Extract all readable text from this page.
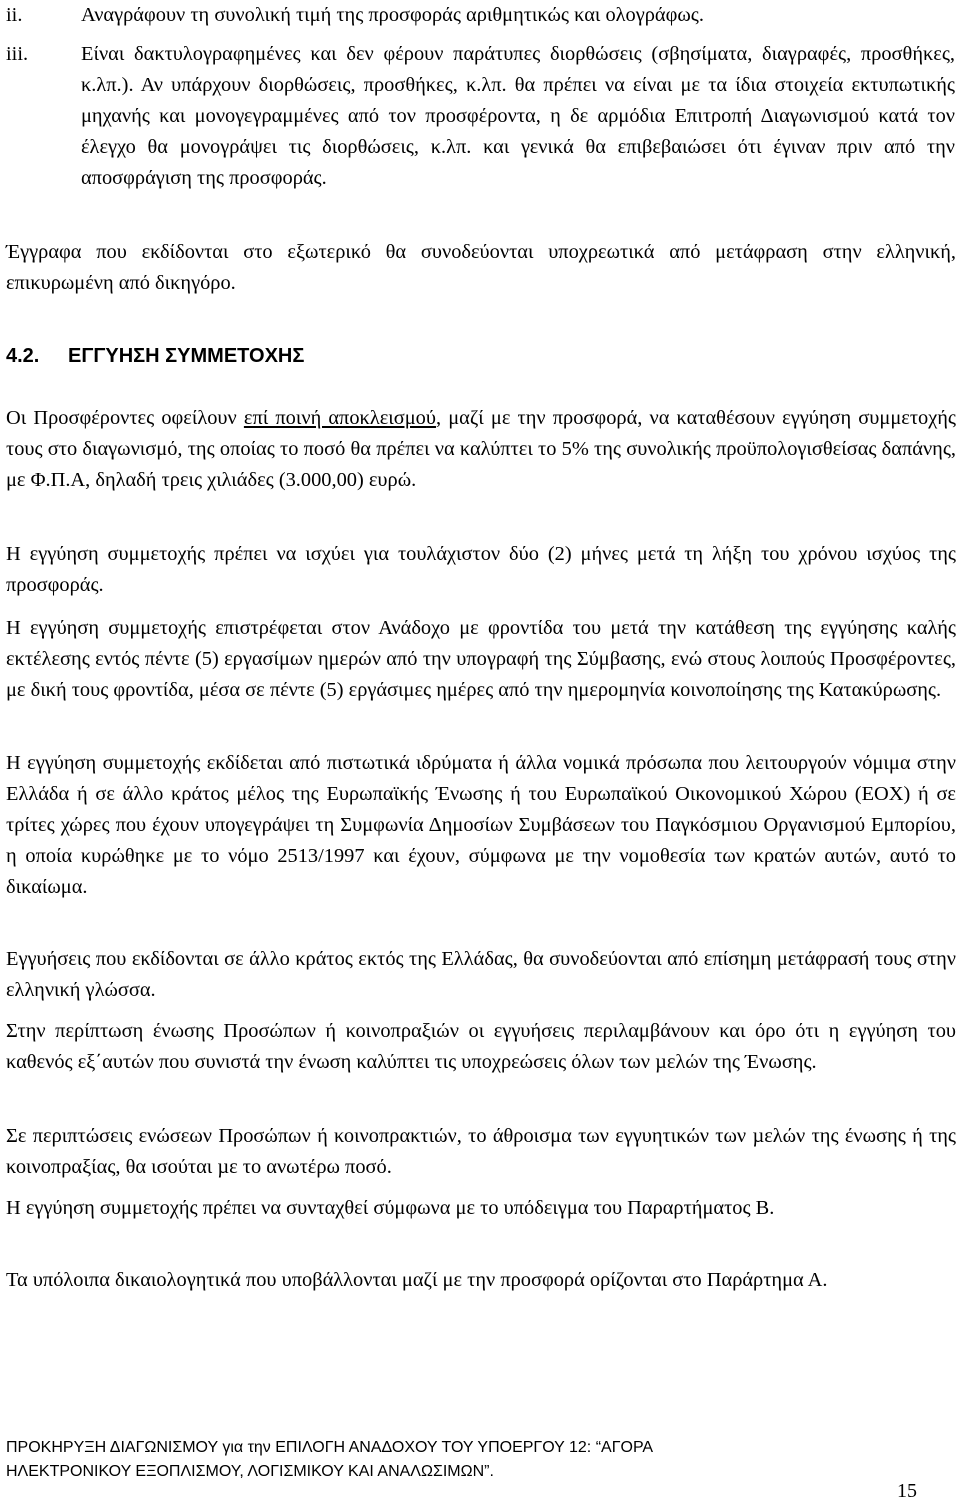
ii.	Αναγράφουν τη συνολική τιμή της προσφοράς αριθμητικώς και ολογράφως.
iii.	Είναι δακτυλογραφημένες και δεν φέρουν παράτυπες διορθώσεις (σβησίματα, διαγραφές, προσθήκες, κ.λπ.). Αν υπάρχουν διορθώσεις, προσθήκες, κ.λπ. θα πρέπει να είναι με τα ίδια στοιχεία εκτυπωτικής μηχανής και μονογεγραμμένες από τον προσφέροντα, η δε αρμόδια Επιτροπή Διαγωνισμού κατά τον έλεγχο θα μονογράψει τις διορθώσεις, κ.λπ. και γενικά θα επιβεβαιώσει ότι έγιναν πριν από την αποσφράγιση της προσφοράς.

Έγγραφα που εκδίδονται στο εξωτερικό θα συνοδεύονται υποχρεωτικά από μετάφραση στην ελληνική, επικυρωμένη από δικηγόρο.

4.2. ΕΓΓΥΗΣΗ ΣΥΜΜΕΤΟΧΗΣ

Οι Προσφέροντες οφείλουν επί ποινή αποκλεισμού, μαζί με την προσφορά, να καταθέσουν εγγύηση συμμετοχής τους στο διαγωνισμό, της οποίας το ποσό θα πρέπει να καλύπτει το 5% της συνολικής προϋπολογισθείσας δαπάνης, με Φ.Π.Α, δηλαδή τρεις χιλιάδες (3.000,00) ευρώ.

Η εγγύηση συμμετοχής πρέπει να ισχύει για τουλάχιστον δύο (2) μήνες μετά τη λήξη του χρόνου ισχύος της προσφοράς.

Η εγγύηση συμμετοχής επιστρέφεται στον Ανάδοχο με φροντίδα του μετά την κατάθεση της εγγύησης καλής εκτέλεσης εντός πέντε (5) εργασίμων ημερών από την υπογραφή της Σύμβασης, ενώ στους λοιπούς Προσφέροντες, με δική τους φροντίδα, μέσα σε πέντε (5) εργάσιμες ημέρες από την ημερομηνία κοινοποίησης της Κατακύρωσης.

Η εγγύηση συμμετοχής εκδίδεται από πιστωτικά ιδρύματα ή άλλα νομικά πρόσωπα που λειτουργούν νόμιμα στην Ελλάδα ή σε άλλο κράτος μέλος της Ευρωπαϊκής Ένωσης ή του Ευρωπαϊκού Οικονομικού Χώρου (ΕΟΧ) ή σε τρίτες χώρες που έχουν υπογεγράψει τη Συμφωνία Δημοσίων Συμβάσεων του Παγκόσμιου Οργανισμού Εμπορίου, η οποία κυρώθηκε με το νόμο 2513/1997 και έχουν, σύμφωνα με την νομοθεσία των κρατών αυτών, αυτό το δικαίωμα.

Εγγυήσεις που εκδίδονται σε άλλο κράτος εκτός της Ελλάδας, θα συνοδεύονται από επίσημη μετάφρασή τους στην ελληνική γλώσσα.

Στην περίπτωση ένωσης Προσώπων ή κοινοπραξιών οι εγγυήσεις περιλαμβάνουν και όρο ότι η εγγύηση του καθενός εξ΄αυτών που συνιστά την ένωση καλύπτει τις υποχρεώσεις όλων των µελών της Ένωσης.

Σε περιπτώσεις ενώσεων Προσώπων ή κοινοπρακτιών, το άθροισμα των εγγυητικών των µελών της ένωσης ή της κοινοπραξίας, θα ισούται µε το ανωτέρω ποσό.

Η εγγύηση συμμετοχής πρέπει να συνταχθεί σύμφωνα με το υπόδειγμα του Παραρτήματος Β.

Τα υπόλοιπα δικαιολογητικά που υποβάλλονται μαζί με την προσφορά ορίζονται στο Παράρτημα Α.

ΠΡΟΚΗΡΥΞΗ ΔΙΑΓΩΝΙΣΜΟΥ για την ΕΠΙΛΟΓΗ ΑΝΑΔΟΧΟΥ ΤΟΥ ΥΠΟΕΡΓΟΥ 12: “ΑΓΟΡΑ
ΗΛΕΚΤΡΟΝΙΚΟΥ ΕΞΟΠΛΙΣΜΟΥ, ΛΟΓΙΣΜΙΚΟΥ ΚΑΙ ΑΝΑΛΩΣΙΜΩΝ”.
15
